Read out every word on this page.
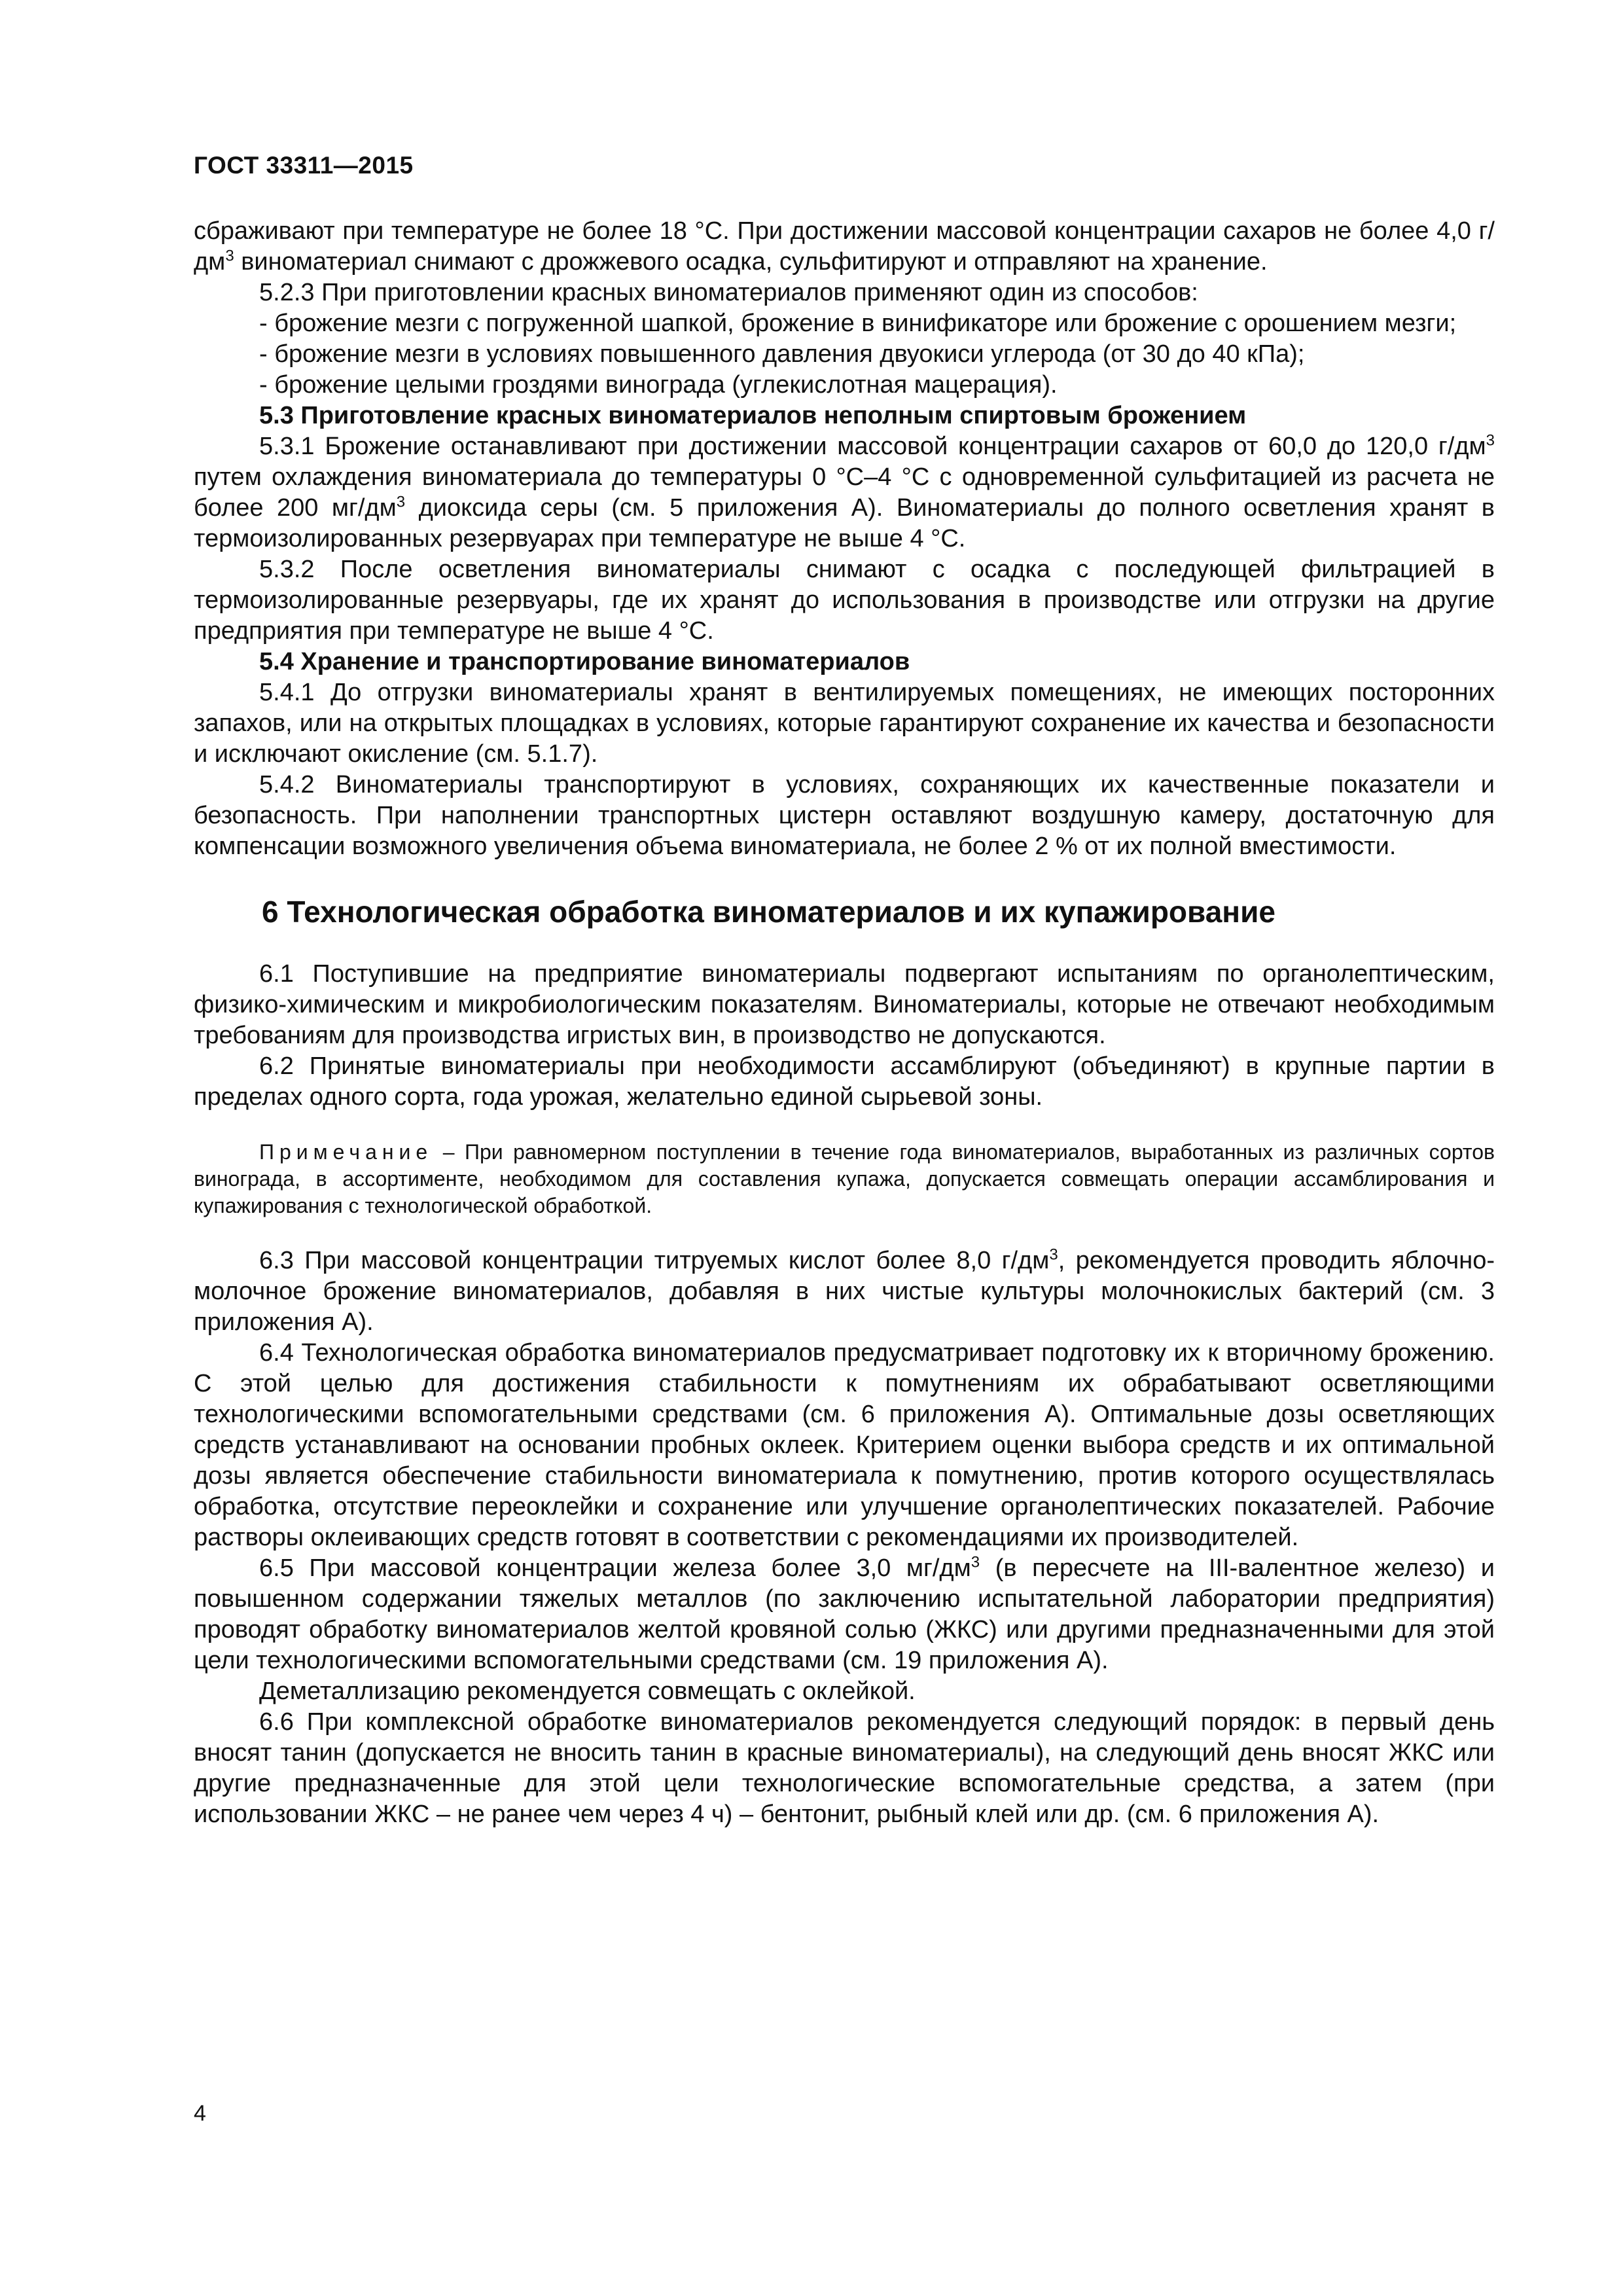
ГОСТ 33311—2015

сбраживают при температуре не более 18 °С. При достижении массовой концентрации сахаров не более 4,0 $г/дм^3$ виноматериал снимают с дрожжевого осадка, сульфитируют и отправляют на хранение.

5.2.3 При приготовлении красных виноматериалов применяют один из способов:

- брожение мезги с погруженной шапкой, брожение в винификаторе или брожение с орошением мезги;

- брожение мезги в условиях повышенного давления двуокиси углерода (от 30 до 40 кПа);

- брожение целыми гроздями винограда (углекислотная мацерация).

5.3 Приготовление красных виноматериалов неполным спиртовым брожением

5.3.1 Брожение останавливают при достижении массовой концентрации сахаров от 60,0 до 120,0 $г/дм^3$ путем охлаждения виноматериала до температуры 0 °С–4 °С с одновременной сульфитацией из расчета не более 200 $мг/дм^3$ диоксида серы (см. 5 приложения А). Виноматериалы до полного осветления хранят в термоизолированных резервуарах при температуре не выше 4 °С.

5.3.2 После осветления виноматериалы снимают с осадка с последующей фильтрацией в термоизолированные резервуары, где их хранят до использования в производстве или отгрузки на другие предприятия при температуре не выше 4 °С.

5.4 Хранение и транспортирование виноматериалов

5.4.1 До отгрузки виноматериалы хранят в вентилируемых помещениях, не имеющих посторонних запахов, или на открытых площадках в условиях, которые гарантируют сохранение их качества и безопасности и исключают окисление (см. 5.1.7).

5.4.2 Виноматериалы транспортируют в условиях, сохраняющих их качественные показатели и безопасность. При наполнении транспортных цистерн оставляют воздушную камеру, достаточную для компенсации возможного увеличения объема виноматериала, не более 2 % от их полной вместимости.

6 Технологическая обработка виноматериалов и их купажирование

6.1 Поступившие на предприятие виноматериалы подвергают испытаниям по органолептическим, физико-химическим и микробиологическим показателям. Виноматериалы, которые не отвечают необходимым требованиям для производства игристых вин, в производство не допускаются.

6.2 Принятые виноматериалы при необходимости ассамблируют (объединяют) в крупные партии в пределах одного сорта, года урожая, желательно единой сырьевой зоны.

Примечание – При равномерном поступлении в течение года виноматериалов, выработанных из различных сортов винограда, в ассортименте, необходимом для составления купажа, допускается совмещать операции ассамблирования и купажирования с технологической обработкой.

6.3 При массовой концентрации титруемых кислот более 8,0 $г/дм^3$, рекомендуется проводить яблочно-молочное брожение виноматериалов, добавляя в них чистые культуры молочнокислых бактерий (см. 3 приложения А).

6.4 Технологическая обработка виноматериалов предусматривает подготовку их к вторичному брожению. С этой целью для достижения стабильности к помутнениям их обрабатывают осветляющими технологическими вспомогательными средствами (см. 6 приложения А). Оптимальные дозы осветляющих средств устанавливают на основании пробных оклеек. Критерием оценки выбора средств и их оптимальной дозы является обеспечение стабильности виноматериала к помутнению, против которого осуществлялась обработка, отсутствие переоклейки и сохранение или улучшение органолептических показателей. Рабочие растворы оклеивающих средств готовят в соответствии с рекомендациями их производителей.

6.5 При массовой концентрации железа более 3,0 $мг/дм^3$ (в пересчете на III-валентное железо) и повышенном содержании тяжелых металлов (по заключению испытательной лаборатории предприятия) проводят обработку виноматериалов желтой кровяной солью (ЖКС) или другими предназначенными для этой цели технологическими вспомогательными средствами (см. 19 приложения А).

Деметаллизацию рекомендуется совмещать с оклейкой.

6.6 При комплексной обработке виноматериалов рекомендуется следующий порядок: в первый день вносят танин (допускается не вносить танин в красные виноматериалы), на следующий день вносят ЖКС или другие предназначенные для этой цели технологические вспомогательные средства, а затем (при использовании ЖКС – не ранее чем через 4 ч) – бентонит, рыбный клей или др. (см. 6 приложения А).

4
